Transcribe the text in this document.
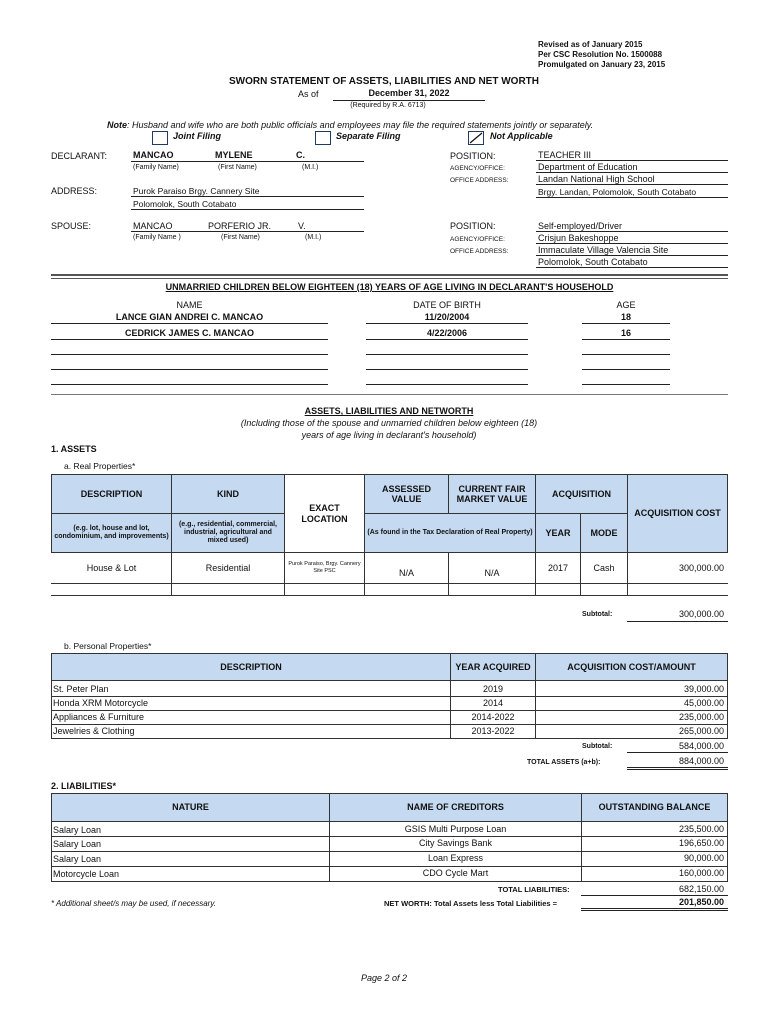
Revised as of January 2015
Per CSC Resolution No. 1500088
Promulgated on January 23, 2015
SWORN STATEMENT OF ASSETS, LIABILITIES AND NET WORTH
As of	December 31, 2022
(Required by R.A. 6713)
Note: Husband and wife who are both public officials and employees may file the required statements jointly or separately.
Joint Filing	Separate Filing	Not Applicable
DECLARANT:	MANCAO	MYLENE	C.
(Family Name)	(First Name)	(M.I.)
ADDRESS:	Purok Paraiso Brgy. Cannery Site
Polomolok, South Cotabato
POSITION:	TEACHER III
AGENCY/OFFICE:	Department of Education
OFFICE ADDRESS:	Landan National High School
Brgy. Landan, Polomolok, South Cotabato
SPOUSE:	MANCAO	PORFERIO JR.	V.
(Family Name )	(First Name)	(M.I.)
POSITION:	Self-employed/Driver
AGENCY/OFFICE:	Crisjun Bakeshoppe
OFFICE ADDRESS:	Immaculate Village Valencia Site
Polomolok, South Cotabato
UNMARRIED CHILDREN BELOW EIGHTEEN (18) YEARS OF AGE LIVING IN DECLARANT'S HOUSEHOLD
NAME	DATE OF BIRTH	AGE
LANCE GIAN ANDREI C. MANCAO	11/20/2004	18
CEDRICK JAMES C. MANCAO	4/22/2006	16
ASSETS, LIABILITIES AND NETWORTH
(Including those of the spouse and unmarried children below eighteen (18)
years of age living in declarant's household)
1. ASSETS
a. Real Properties*
DESCRIPTION
(e.g. lot, house and lot, condominium, and improvements)
KIND
(e.g., residential, commercial, industrial, agricultural and mixed used)
EXACT LOCATION
ASSESSED VALUE
CURRENT FAIR MARKET VALUE
(As found in the Tax Declaration of Real Property)
ACQUISITION
YEAR	MODE
ACQUISITION COST
House & Lot	Residential	Purok Paraiso, Brgy. Cannery Site PSC	N/A	N/A	2017	Cash	300,000.00
Subtotal:	300,000.00
b. Personal Properties*
DESCRIPTION	YEAR ACQUIRED	ACQUISITION COST/AMOUNT
St. Peter Plan	2019	39,000.00
Honda XRM Motorcycle	2014	45,000.00
Appliances & Furniture	2014-2022	235,000.00
Jewelries & Clothing	2013-2022	265,000.00
Subtotal:	584,000.00
TOTAL ASSETS (a+b):	884,000.00
2. LIABILITIES*
NATURE	NAME OF CREDITORS	OUTSTANDING BALANCE
Salary Loan	GSIS Multi Purpose Loan	235,500.00
Salary Loan	City Savings Bank	196,650.00
Salary Loan	Loan Express	90,000.00
Motorcycle Loan	CDO Cycle Mart	160,000.00
TOTAL LIABILITIES:	682,150.00
* Additional sheet/s may be used, if necessary.	NET WORTH: Total Assets less Total Liabilities =	201,850.00
Page 2 of 2
